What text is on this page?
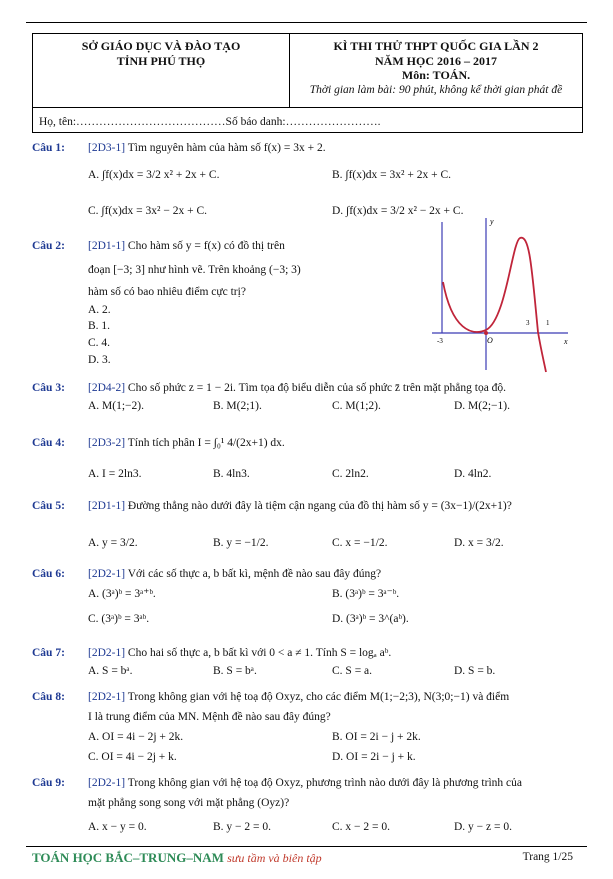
SỞ GIÁO DỤC VÀ ĐÀO TẠO
TỈNH PHÚ THỌ
KÌ THI THỬ THPT QUỐC GIA LẦN 2
NĂM HỌC 2016 – 2017
Môn: TOÁN.
Thời gian làm bài: 90 phút, không kể thời gian phát đề
Họ, tên:…………………………………Số báo danh:…………………….
Câu 1: [2D3-1] Tìm nguyên hàm của hàm số f(x) = 3x + 2.
A. ∫f(x)dx = 3/2 x² + 2x + C.	B. ∫f(x)dx = 3x² + 2x + C.
C. ∫f(x)dx = 3x² − 2x + C.	D. ∫f(x)dx = 3/2 x² − 2x + C.
Câu 2: [2D1-1] Cho hàm số y = f(x) có đồ thị trên
đoạn [−3; 3] như hình vẽ. Trên khoảng (−3; 3)
hàm số có bao nhiêu điểm cực trị?
A. 2.
B. 1.
C. 4.
D. 3.
y
x
O
-3
3 1
Câu 3: [2D4-2] Cho số phức z = 1 − 2i. Tìm tọa độ biểu diễn của số phức z̄ trên mặt phẳng tọa độ.
A. M(1;−2).	B. M(2;1).	C. M(1;2).	D. M(2;−1).
Câu 4: [2D3-2] Tính tích phân I = ∫₀¹ 4/(2x+1) dx.
A. I = 2ln3.	B. 4ln3.	C. 2ln2.	D. 4ln2.
Câu 5: [2D1-1] Đường thẳng nào dưới đây là tiệm cận ngang của đồ thị hàm số y = (3x−1)/(2x+1)?
A. y = 3/2.	B. y = −1/2.	C. x = −1/2.	D. x = 3/2.
Câu 6: [2D2-1] Với các số thực a, b bất kì, mệnh đề nào sau đây đúng?
A. (3ᵃ)ᵇ = 3ᵃ⁺ᵇ.	B. (3ᵃ)ᵇ = 3ᵃ⁻ᵇ.
C. (3ᵃ)ᵇ = 3ᵃᵇ.	D. (3ᵃ)ᵇ = 3^(aᵇ).
Câu 7: [2D2-1] Cho hai số thực a, b bất kì với 0 < a ≠ 1. Tính S = logₐ aᵇ.
A. S = bᵃ.	B. S = bᵃ.	C. S = a.	D. S = b.
Câu 8: [2D2-1] Trong không gian với hệ toạ độ Oxyz, cho các điểm M(1;−2;3), N(3;0;−1) và điểm
I là trung điểm của MN. Mệnh đề nào sau đây đúng?
A. OI = 4i − 2j + 2k.	B. OI = 2i − j + 2k.
C. OI = 4i − 2j + k.	D. OI = 2i − j + k.
Câu 9: [2D2-1] Trong không gian với hệ toạ độ Oxyz, phương trình nào dưới đây là phương trình của
mặt phẳng song song với mặt phẳng (Oyz)?
A. x − y = 0.	B. y − 2 = 0.	C. x − 2 = 0.	D. y − z = 0.
TOÁN HỌC BẮC–TRUNG–NAM sưu tầm và biên tập	Trang 1/25
